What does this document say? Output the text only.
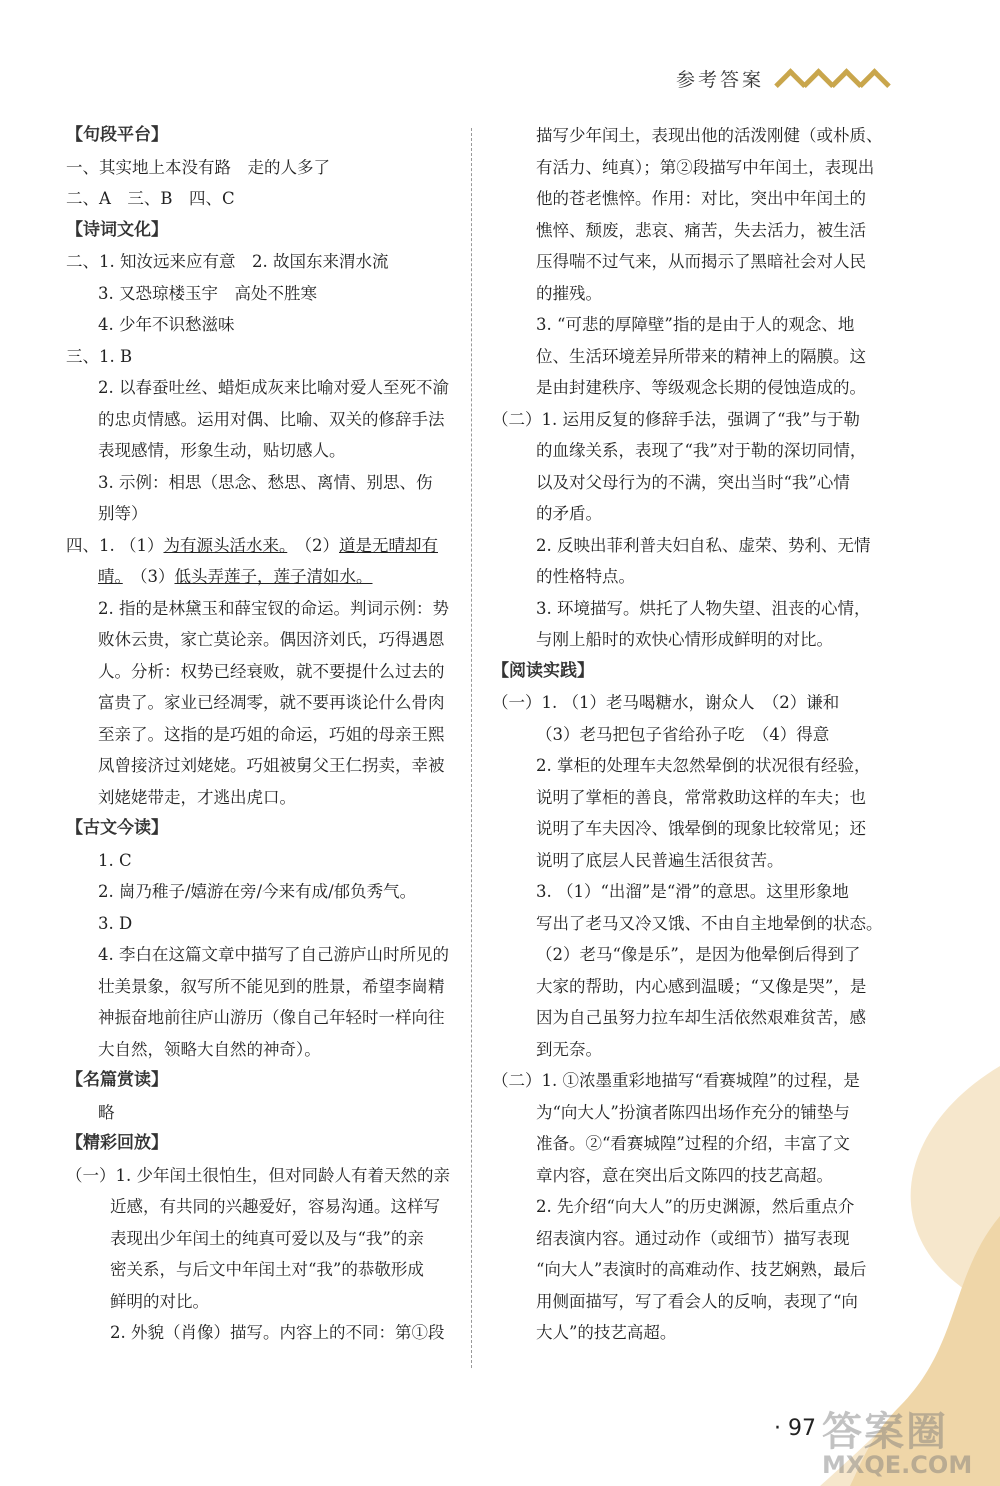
参考答案
【句段平台】
一、其实地上本没有路　走的人多了
二、A　三、B　四、C
【诗词文化】
二、1. 知汝远来应有意　2. 故国东来渭水流
3. 又恐琼楼玉宇　高处不胜寒
4. 少年不识愁滋味
三、1. B
2. 以春蚕吐丝、蜡炬成灰来比喻对爱人至死不渝
的忠贞情感。运用对偶、比喻、双关的修辞手法
表现感情，形象生动，贴切感人。
3. 示例：相思（思念、愁思、离情、别思、伤
别等）
四、1. （1）为有源头活水来。　 （2）道是无晴却有
晴。　 （3）低头弄莲子，莲子清如水。
2. 指的是林黛玉和薛宝钗的命运。判词示例：势
败休云贵，家亡莫论亲。偶因济刘氏，巧得遇恩
人。分析：权势已经衰败，就不要提什么过去的
富贵了。家业已经凋零，就不要再谈论什么骨肉
至亲了。这指的是巧姐的命运，巧姐的母亲王熙
凤曾接济过刘姥姥。巧姐被舅父王仁拐卖，幸被
刘姥姥带走，才逃出虎口。
【古文今读】
1. C
2. 崗乃稚子/嬉游在旁/今来有成/郁负秀气。
3. D
4. 李白在这篇文章中描写了自己游庐山时所见的
壮美景象，叙写所不能见到的胜景，希望李崗精
神振奋地前往庐山游历（像自己年轻时一样向往
大自然，领略大自然的神奇）。
【名篇赏读】
略
【精彩回放】
（一）1. 少年闰土很怕生，但对同龄人有着天然的亲
近感，有共同的兴趣爱好，容易沟通。这样写
表现出少年闰土的纯真可爱以及与“我”的亲
密关系，与后文中年闰土对“我”的恭敬形成
鲜明的对比。
2. 外貌（肖像）描写。内容上的不同：第①段
描写少年闰土，表现出他的活泼刚健（或朴质、
有活力、纯真）；第②段描写中年闰土，表现出
他的苍老憔悴。作用：对比，突出中年闰土的
憔悴、颓废，悲哀、痛苦，失去活力，被生活
压得喘不过气来，从而揭示了黑暗社会对人民
的摧残。
3. “可悲的厚障壁”指的是由于人的观念、地
位、生活环境差异所带来的精神上的隔膜。这
是由封建秩序、等级观念长期的侵蚀造成的。
（二）1. 运用反复的修辞手法，强调了“我”与于勒
的血缘关系，表现了“我”对于勒的深切同情，
以及对父母行为的不满，突出当时“我”心情
的矛盾。
2. 反映出菲利普夫妇自私、虚荣、势利、无情
的性格特点。
3. 环境描写。烘托了人物失望、沮丧的心情，
与刚上船时的欢快心情形成鲜明的对比。
【阅读实践】
（一）1. （1）老马喝糖水，谢众人　（2）谦和
（3）老马把包子省给孙子吃　（4）得意
2. 掌柜的处理车夫忽然晕倒的状况很有经验，
说明了掌柜的善良，常常救助这样的车夫；也
说明了车夫因冷、饿晕倒的现象比较常见；还
说明了底层人民普遍生活很贫苦。
3. （1）“出溜”是“滑”的意思。这里形象地
写出了老马又冷又饿、不由自主地晕倒的状态。
（2）老马“像是乐”，是因为他晕倒后得到了
大家的帮助，内心感到温暖；“又像是哭”，是
因为自己虽努力拉车却生活依然艰难贫苦，感
到无奈。
（二）1. ①浓墨重彩地描写“看赛城隍”的过程，是
为“向大人”扮演者陈四出场作充分的铺垫与
准备。②“看赛城隍”过程的介绍，丰富了文
章内容，意在突出后文陈四的技艺高超。
2. 先介绍“向大人”的历史渊源，然后重点介
绍表演内容。通过动作（或细节）描写表现
“向大人”表演时的高难动作、技艺娴熟，最后
用侧面描写，写了看会人的反响，表现了“向
大人”的技艺高超。
· 97 答案圈
MXQE.COM
